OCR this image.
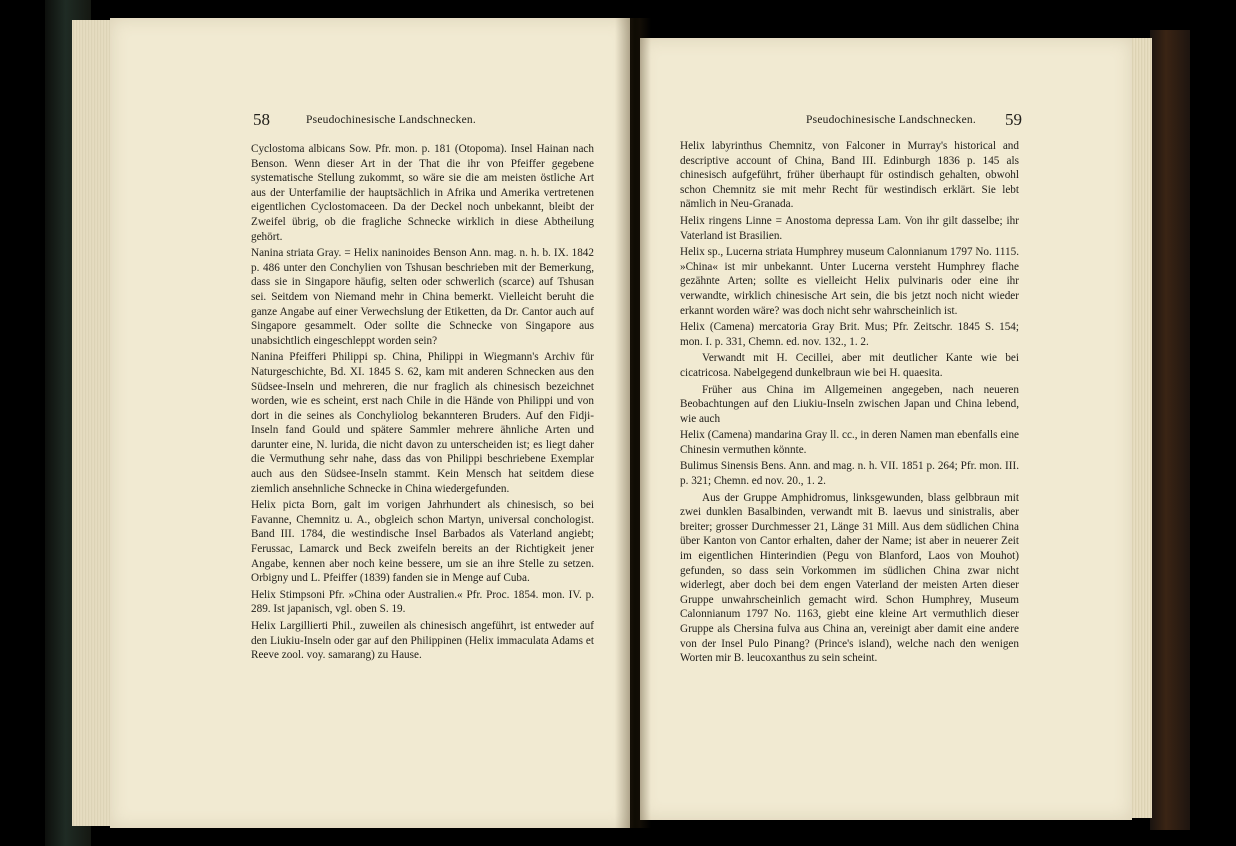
58	Pseudochinesische Landschnecken.

Cyclostoma albicans Sow. Pfr. mon. p. 181 (Otopoma). Insel Hainan nach Benson. Wenn dieser Art in der That die ihr von Pfeiffer gegebene systematische Stellung zukommt, so wäre sie die am meisten östliche Art aus der Unterfamilie der hauptsächlich in Afrika und Amerika vertretenen eigentlichen Cyclostomaceen. Da der Deckel noch unbekannt, bleibt der Zweifel übrig, ob die fragliche Schnecke wirklich in diese Abtheilung gehört.

Nanina striata Gray. = Helix naninoides Benson Ann. mag. n. h. b. IX. 1842 p. 486 unter den Conchylien von Tshusan beschrieben mit der Bemerkung, dass sie in Singapore häufig, selten oder schwerlich (scarce) auf Tshusan sei. Seitdem von Niemand mehr in China bemerkt. Vielleicht beruht die ganze Angabe auf einer Verwechslung der Etiketten, da Dr. Cantor auch auf Singapore gesammelt. Oder sollte die Schnecke von Singapore aus unabsichtlich eingeschleppt worden sein?

Nanina Pfeifferi Philippi sp. China, Philippi in Wiegmann's Archiv für Naturgeschichte, Bd. XI. 1845 S. 62, kam mit anderen Schnecken aus den Südsee-Inseln und mehreren, die nur fraglich als chinesisch bezeichnet worden, wie es scheint, erst nach Chile in die Hände von Philippi und von dort in die seines als Conchyliolog bekannteren Bruders. Auf den Fidji-Inseln fand Gould und spätere Sammler mehrere ähnliche Arten und darunter eine, N. lurida, die nicht davon zu unterscheiden ist; es liegt daher die Vermuthung sehr nahe, dass das von Philippi beschriebene Exemplar auch aus den Südsee-Inseln stammt. Kein Mensch hat seitdem diese ziemlich ansehnliche Schnecke in China wiedergefunden.

Helix picta Born, galt im vorigen Jahrhundert als chinesisch, so bei Favanne, Chemnitz u. A., obgleich schon Martyn, universal conchologist. Band III. 1784, die westindische Insel Barbados als Vaterland angiebt; Ferussac, Lamarck und Beck zweifeln bereits an der Richtigkeit jener Angabe, kennen aber noch keine bessere, um sie an ihre Stelle zu setzen. Orbigny und L. Pfeiffer (1839) fanden sie in Menge auf Cuba.

Helix Stimpsoni Pfr. »China oder Australien.« Pfr. Proc. 1854. mon. IV. p. 289. Ist japanisch, vgl. oben S. 19.

Helix Largillierti Phil., zuweilen als chinesisch angeführt, ist entweder auf den Liukiu-Inseln oder gar auf den Philippinen (Helix immaculata Adams et Reeve zool. voy. samarang) zu Hause.

Pseudochinesische Landschnecken.	59

Helix labyrinthus Chemnitz, von Falconer in Murray's historical and descriptive account of China, Band III. Edinburgh 1836 p. 145 als chinesisch aufgeführt, früher überhaupt für ostindisch gehalten, obwohl schon Chemnitz sie mit mehr Recht für westindisch erklärt. Sie lebt nämlich in Neu-Granada.

Helix ringens Linne = Anostoma depressa Lam. Von ihr gilt dasselbe; ihr Vaterland ist Brasilien.

Helix sp., Lucerna striata Humphrey museum Calonnianum 1797 No. 1115. »China« ist mir unbekannt. Unter Lucerna versteht Humphrey flache gezähnte Arten; sollte es vielleicht Helix pulvinaris oder eine ihr verwandte, wirklich chinesische Art sein, die bis jetzt noch nicht wieder erkannt worden wäre? was doch nicht sehr wahrscheinlich ist.

Helix (Camena) mercatoria Gray Brit. Mus; Pfr. Zeitschr. 1845 S. 154; mon. I. p. 331, Chemn. ed. nov. 132., 1. 2.

Verwandt mit H. Cecillei, aber mit deutlicher Kante wie bei cicatricosa. Nabelgegend dunkelbraun wie bei H. quaesita.

Früher aus China im Allgemeinen angegeben, nach neueren Beobachtungen auf den Liukiu-Inseln zwischen Japan und China lebend, wie auch

Helix (Camena) mandarina Gray ll. cc., in deren Namen man ebenfalls eine Chinesin vermuthen könnte.

Bulimus Sinensis Bens. Ann. and mag. n. h. VII. 1851 p. 264; Pfr. mon. III. p. 321; Chemn. ed nov. 20., 1. 2.

Aus der Gruppe Amphidromus, linksgewunden, blass gelbbraun mit zwei dunklen Basalbinden, verwandt mit B. laevus und sinistralis, aber breiter; grosser Durchmesser 21, Länge 31 Mill. Aus dem südlichen China über Kanton von Cantor erhalten, daher der Name; ist aber in neuerer Zeit im eigentlichen Hinterindien (Pegu von Blanford, Laos von Mouhot) gefunden, so dass sein Vorkommen im südlichen China zwar nicht widerlegt, aber doch bei dem engen Vaterland der meisten Arten dieser Gruppe unwahrscheinlich gemacht wird. Schon Humphrey, Museum Calonnianum 1797 No. 1163, giebt eine kleine Art vermuthlich dieser Gruppe als Chersina fulva aus China an, vereinigt aber damit eine andere von der Insel Pulo Pinang? (Prince's island), welche nach den wenigen Worten mir B. leucoxanthus zu sein scheint.
